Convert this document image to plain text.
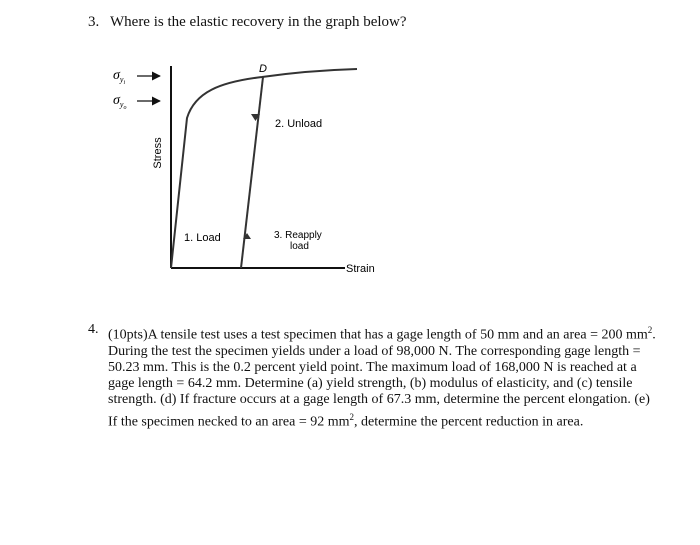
3. Where is the elastic recovery in the graph below?
$\sigma_yi$
$\sigma_yo$
D
Stress
Strain
1. Load
2. Unload
3. Reapply
load
4. (10pts)A tensile test uses a test specimen that has a gage length of 50 mm and an area = 200 $mm^2$. During the test the specimen yields under a load of 98,000 N. The corresponding gage length = 50.23 mm. This is the 0.2 percent yield point. The maximum load of 168,000 N is reached at a gage length = 64.2 mm. Determine (a) yield strength, (b) modulus of elasticity, and (c) tensile strength. (d) If fracture occurs at a gage length of 67.3 mm, determine the percent elongation. (e) If the specimen necked to an area = 92 $mm^2$, determine the percent reduction in area.
